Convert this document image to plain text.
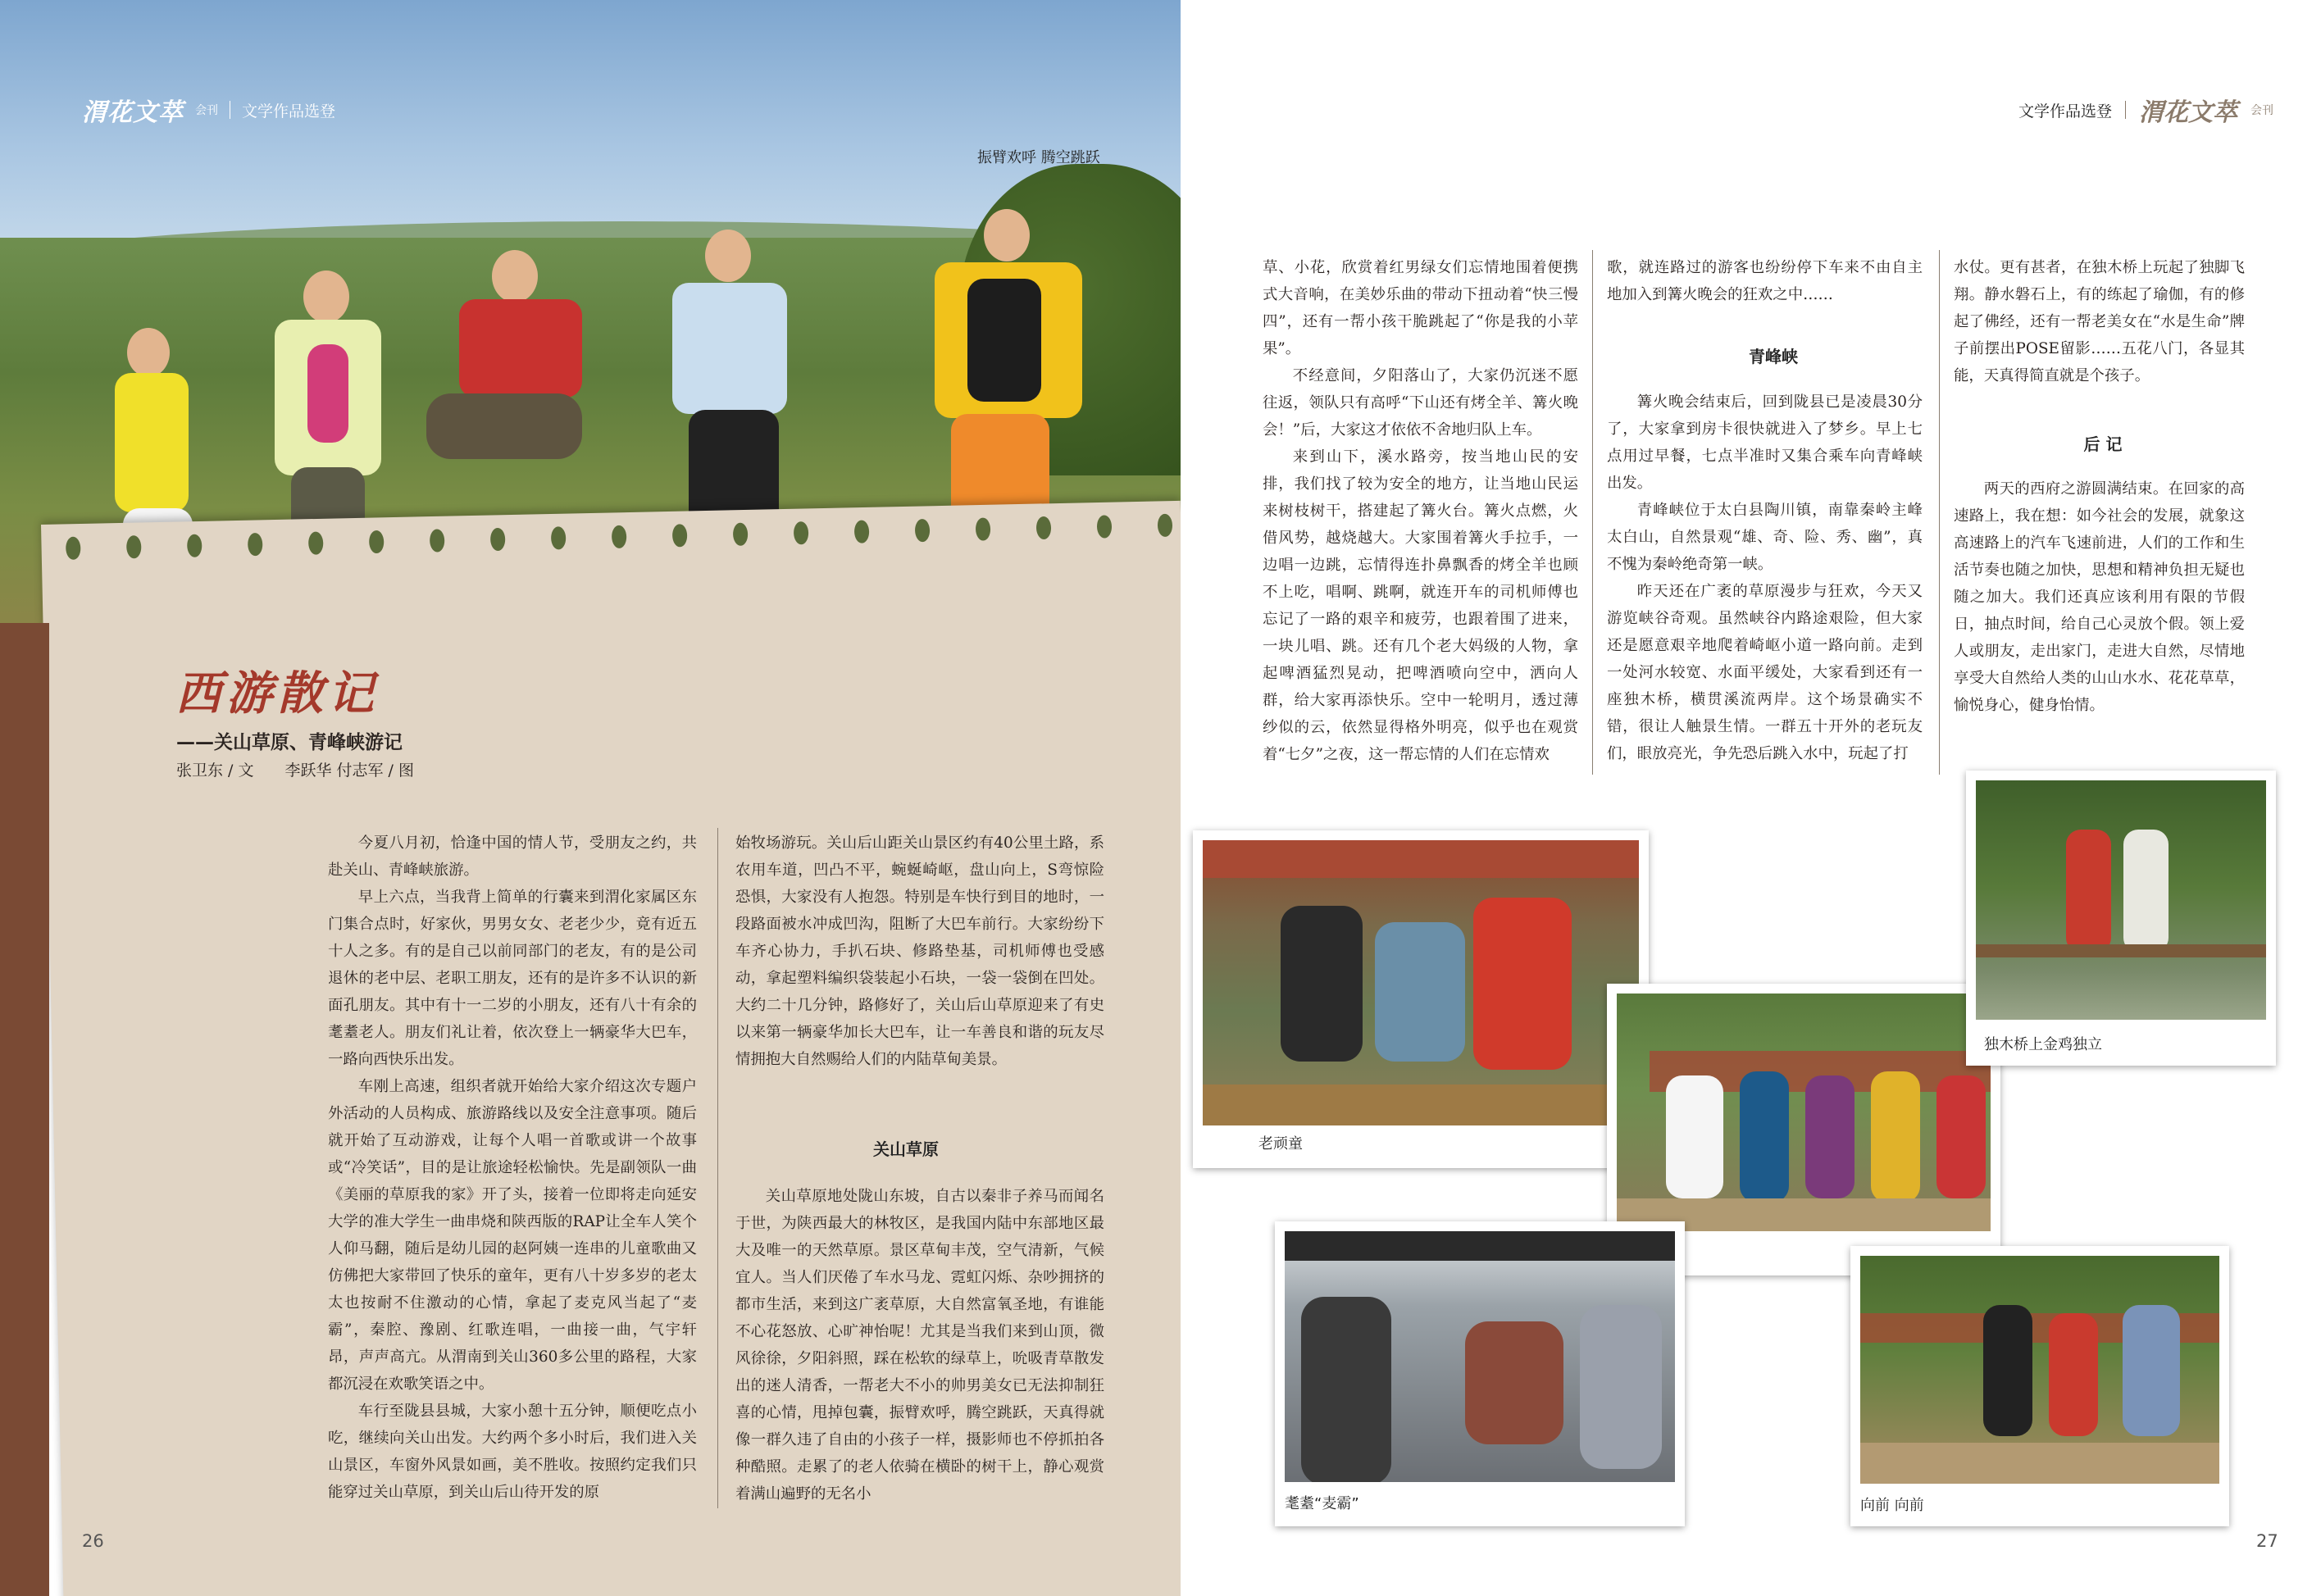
渭花文萃 会刊 文学作品选登
振臂欢呼 腾空跳跃
西游散记
——关山草原、青峰峡游记
张卫东 / 文　　李跃华 付志军 / 图

今夏八月初，恰逢中国的情人节，受朋友之约，共赴关山、青峰峡旅游。

早上六点，当我背上简单的行囊来到渭化家属区东门集合点时，好家伙，男男女女、老老少少，竟有近五十人之多。有的是自己以前同部门的老友，有的是公司退休的老中层、老职工朋友，还有的是许多不认识的新面孔朋友。其中有十一二岁的小朋友，还有八十有余的耄耋老人。朋友们礼让着，依次登上一辆豪华大巴车，一路向西快乐出发。

车刚上高速，组织者就开始给大家介绍这次专题户外活动的人员构成、旅游路线以及安全注意事项。随后就开始了互动游戏，让每个人唱一首歌或讲一个故事或“冷笑话”，目的是让旅途轻松愉快。先是副领队一曲《美丽的草原我的家》开了头，接着一位即将走向延安大学的准大学生一曲串烧和陕西版的RAP让全车人笑个人仰马翻，随后是幼儿园的赵阿姨一连串的儿童歌曲又仿佛把大家带回了快乐的童年，更有八十岁多岁的老太太也按耐不住激动的心情，拿起了麦克风当起了“麦霸”，秦腔、豫剧、红歌连唱，一曲接一曲，气宇轩昂，声声高亢。从渭南到关山360多公里的路程，大家都沉浸在欢歌笑语之中。

车行至陇县县城，大家小憩十五分钟，顺便吃点小吃，继续向关山出发。大约两个多小时后，我们进入关山景区，车窗外风景如画，美不胜收。按照约定我们只能穿过关山草原，到关山后山待开发的原

始牧场游玩。关山后山距关山景区约有40公里土路，系农用车道，凹凸不平，蜿蜒崎岖，盘山向上，S弯惊险恐惧，大家没有人抱怨。特别是车快行到目的地时，一段路面被水冲成凹沟，阻断了大巴车前行。大家纷纷下车齐心协力，手扒石块、修路垫基，司机师傅也受感动，拿起塑料编织袋装起小石块，一袋一袋倒在凹处。大约二十几分钟，路修好了，关山后山草原迎来了有史以来第一辆豪华加长大巴车，让一车善良和谐的玩友尽情拥抱大自然赐给人们的内陆草甸美景。

关山草原

关山草原地处陇山东坡，自古以秦非子养马而闻名于世，为陕西最大的林牧区，是我国内陆中东部地区最大及唯一的天然草原。景区草甸丰茂，空气清新，气候宜人。当人们厌倦了车水马龙、霓虹闪烁、杂吵拥挤的都市生活，来到这广袤草原，大自然富氧圣地，有谁能不心花怒放、心旷神怡呢！尤其是当我们来到山顶，微风徐徐，夕阳斜照，踩在松软的绿草上，吮吸青草散发出的迷人清香，一帮老大不小的帅男美女已无法抑制狂喜的心情，甩掉包囊，振臂欢呼，腾空跳跃，天真得就像一群久违了自由的小孩子一样，摄影师也不停抓拍各种酷照。走累了的老人依骑在横卧的树干上，静心观赏着满山遍野的无名小

26
文学作品选登 渭花文萃 会刊

草、小花，欣赏着红男绿女们忘情地围着便携式大音响，在美妙乐曲的带动下扭动着“快三慢四”，还有一帮小孩干脆跳起了“你是我的小苹果”。

不经意间，夕阳落山了，大家仍沉迷不愿往返，领队只有高呼“下山还有烤全羊、篝火晚会！”后，大家这才依依不舍地归队上车。

来到山下，溪水路旁，按当地山民的安排，我们找了较为安全的地方，让当地山民运来树枝树干，搭建起了篝火台。篝火点燃，火借风势，越烧越大。大家围着篝火手拉手，一边唱一边跳，忘情得连扑鼻飘香的烤全羊也顾不上吃，唱啊、跳啊，就连开车的司机师傅也忘记了一路的艰辛和疲劳，也跟着围了进来，一块儿唱、跳。还有几个老大妈级的人物，拿起啤酒猛烈晃动，把啤酒喷向空中，洒向人群，给大家再添快乐。空中一轮明月，透过薄纱似的云，依然显得格外明亮，似乎也在观赏着“七夕”之夜，这一帮忘情的人们在忘情欢

歌，就连路过的游客也纷纷停下车来不由自主地加入到篝火晚会的狂欢之中……

青峰峡

篝火晚会结束后，回到陇县已是凌晨30分了，大家拿到房卡很快就进入了梦乡。早上七点用过早餐，七点半准时又集合乘车向青峰峡出发。

青峰峡位于太白县陶川镇，南靠秦岭主峰太白山，自然景观“雄、奇、险、秀、幽”，真不愧为秦岭绝奇第一峡。

昨天还在广袤的草原漫步与狂欢，今天又游览峡谷奇观。虽然峡谷内路途艰险，但大家还是愿意艰辛地爬着崎岖小道一路向前。走到一处河水较宽、水面平缓处，大家看到还有一座独木桥，横贯溪流两岸。这个场景确实不错，很让人触景生情。一群五十开外的老玩友们，眼放亮光，争先恐后跳入水中，玩起了打

水仗。更有甚者，在独木桥上玩起了独脚飞翔。静水磐石上，有的练起了瑜伽，有的修起了佛经，还有一帮老美女在“水是生命”牌子前摆出POSE留影……五花八门，各显其能，天真得简直就是个孩子。

后 记

两天的西府之游圆满结束。在回家的高速路上，我在想：如今社会的发展，就象这高速路上的汽车飞速前进，人们的工作和生活节奏也随之加快，思想和精神负担无疑也随之加大。我们还真应该利用有限的节假日，抽点时间，给自己心灵放个假。领上爱人或朋友，走出家门，走进大自然，尽情地享受大自然给人类的山山水水、花花草草，愉悦身心，健身怡情。

老顽童
独木桥上金鸡独立
耄耋“麦霸”	向前 向前
27
